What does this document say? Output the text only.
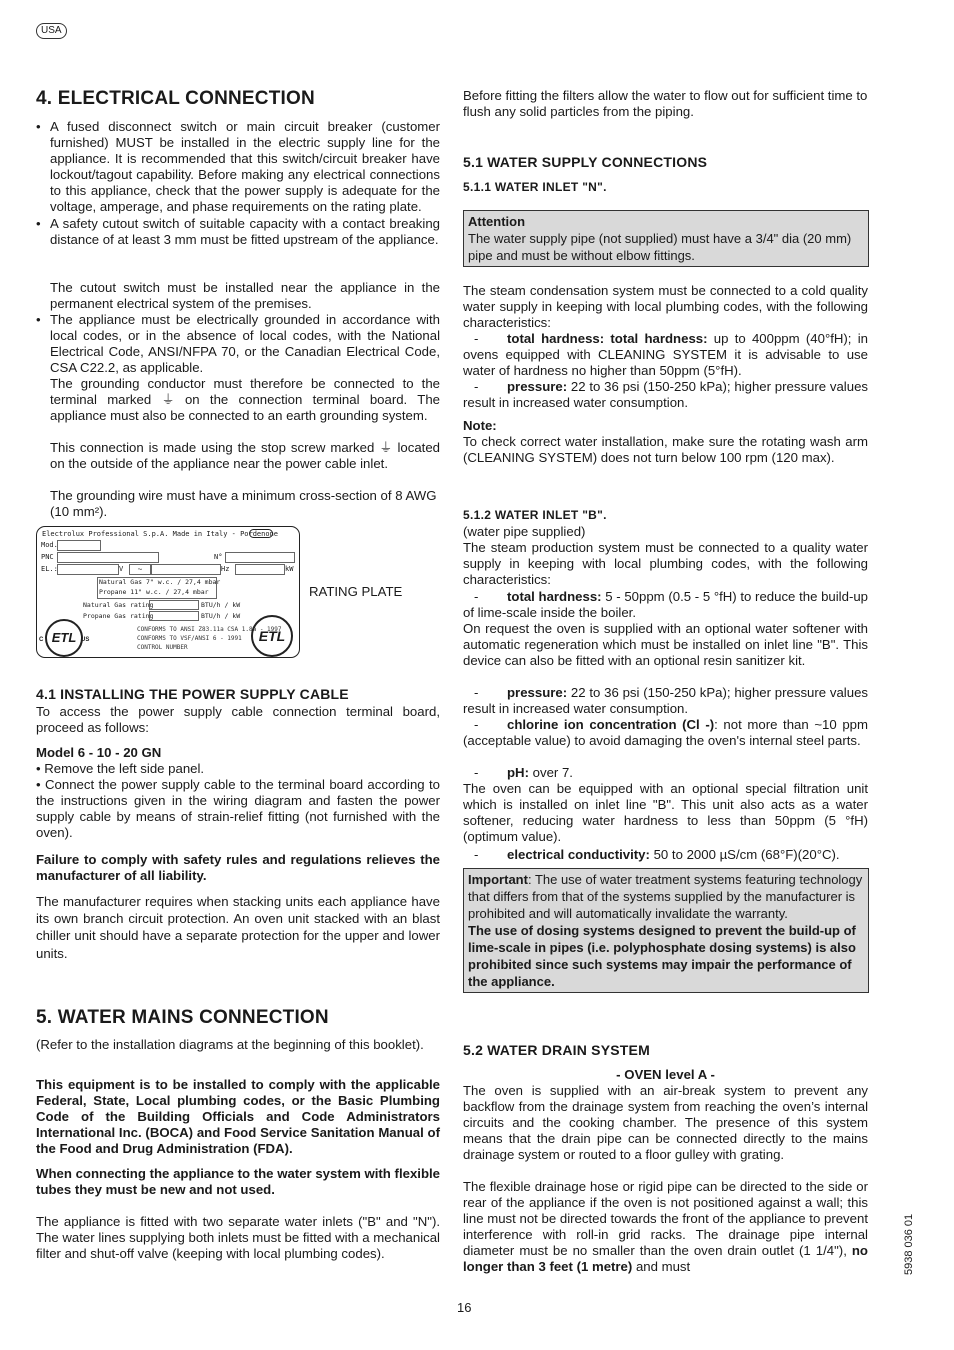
USA
4. ELECTRICAL CONNECTION
• A fused disconnect switch or main circuit breaker (customer furnished) MUST be installed in the electric supply line for the appliance. It is recommended that this switch/circuit breaker have lockout/tagout capability. Before making any electrical connections to this appliance, check that the power supply is adequate for the voltage, amperage, and phase requirements on the rating plate.
• A safety cutout switch of suitable capacity with a contact breaking distance of at least 3 mm must be fitted upstream of the appliance.

The cutout switch must be installed near the appliance in the permanent electrical system of the premises.

• The appliance must be electrically grounded in accordance with local codes, or in the absence of local codes, with the National Electrical Code, ANSI/NFPA 70, or the Canadian Electrical Code, CSA C22.2, as applicable.

The grounding conductor must therefore be connected to the terminal marked ⏚ on the connection terminal board. The appliance must also be connected to an earth grounding system.

This connection is made using the stop screw marked ⏚ located on the outside of the appliance near the power cable inlet.

The grounding wire must have a minimum cross-section of 8 AWG (10 mm²).

Electrolux Professional S.p.A. Made in Italy - Pordenone
Mod.
PNC	N°
EL.:	V	~	Hz	kW
Natural Gas 7" w.c. / 27,4 mbar
Propane 11" w.c. / 27,4 mbar
Natural Gas rating	BTU/h / kW
Propane Gas rating	BTU/h / kW
CONFORMS TO ANSI Z83.11a CSA 1.8a - 1997
CONFORMS TO VSF/ANSI 6 - 1991
CONTROL NUMBER
ETL
C	US	ETL
RATING PLATE
4.1 INSTALLING THE POWER SUPPLY CABLE

To access the power supply cable connection terminal board, proceed as follows:

Model 6 - 10 - 20 GN

• Remove the left side panel.

• Connect the power supply cable to the terminal board according to the instructions given in the wiring diagram and fasten the power supply cable by means of strain-relief fitting (not furnished with the oven).

Failure to comply with safety rules and regulations relieves the manufacturer of all liability.

The manufacturer requires when stacking units each appliance have its own branch circuit protection. An oven unit stacked with an blast chiller unit should have a separate protection for the upper and lower units.

5. WATER MAINS CONNECTION

(Refer to the installation diagrams at the beginning of this booklet).

This equipment is to be installed to comply with the applicable Federal, State, Local plumbing codes, or the Basic Plumbing Code of the Building Officials and Code Administrators International Inc. (BOCA) and Food Service Sanitation Manual of the Food and Drug Administration (FDA).

When connecting the appliance to the water system with flexible tubes they must be new and not used.

The appliance is fitted with two separate water inlets ("B" and "N"). The water lines supplying both inlets must be fitted with a mechanical filter and shut-off valve (keeping with local plumbing codes).

Before fitting the filters allow the water to flow out for sufficient time to flush any solid particles from the piping.

5.1 WATER SUPPLY CONNECTIONS
5.1.1 WATER INLET "N".
Attention
The water supply pipe (not supplied) must have a 3/4" dia (20 mm) pipe and must be without elbow fittings.

The steam condensation system must be connected to a cold quality water supply in keeping with local plumbing codes, with the following characteristics:

- total hardness: total hardness: up to 400ppm (40°fH); in ovens equipped with CLEANING SYSTEM it is advisable to use water of hardness no higher than 50ppm (5°fH).

- pressure: 22 to 36 psi (150-250 kPa); higher pressure values result in increased water consumption.

Note:

To check correct water installation, make sure the rotating wash arm (CLEANING SYSTEM) does not turn below 100 rpm (120 max).

5.1.2 WATER INLET "B".

(water pipe supplied)

The steam production system must be connected to a quality water supply in keeping with local plumbing codes, with the following characteristics:

- total hardness: 5 - 50ppm (0.5 - 5 °fH) to reduce the build-up of lime-scale inside the boiler.

On request the oven is supplied with an optional water softener with automatic regeneration which must be installed on inlet line "B". This device can also be fitted with an optional resin sanitizer kit.

- pressure: 22 to 36 psi (150-250 kPa); higher pressure values result in increased water consumption.

- chlorine ion concentration (Cl -): not more than ~10 ppm (acceptable value) to avoid damaging the oven's internal steel parts.

- pH: over 7.

The oven can be equipped with an optional special filtration unit which is installed on inlet line "B". This unit also acts as a water softener, reducing water hardness to less than 50ppm (5 °fH) (optimum value).

- electrical conductivity: 50 to 2000 µS/cm (68°F)(20°C).

Important: The use of water treatment systems featuring technology that differs from that of the systems supplied by the manufacturer is prohibited and will automatically invalidate the warranty.
The use of dosing systems designed to prevent the build-up of lime-scale in pipes (i.e. polyphosphate dosing systems) is also prohibited since such systems may impair the performance of the appliance.
5.2 WATER DRAIN SYSTEM

- OVEN level A -

The oven is supplied with an air-break system to prevent any backflow from the drainage system from reaching the oven’s internal circuits and the cooking chamber. The presence of this system means that the drain pipe can be connected directly to the mains drainage system or routed to a floor gulley with grating.

The flexible drainage hose or rigid pipe can be directed to the side or rear of the appliance if the oven is not positioned against a wall; this line must not be directed towards the front of the appliance to prevent interference with roll-in grid racks. The drainage pipe internal diameter must be no smaller than the oven drain outlet (1 1/4"), no longer than 3 feet (1 metre) and must

16
5938 036 01
